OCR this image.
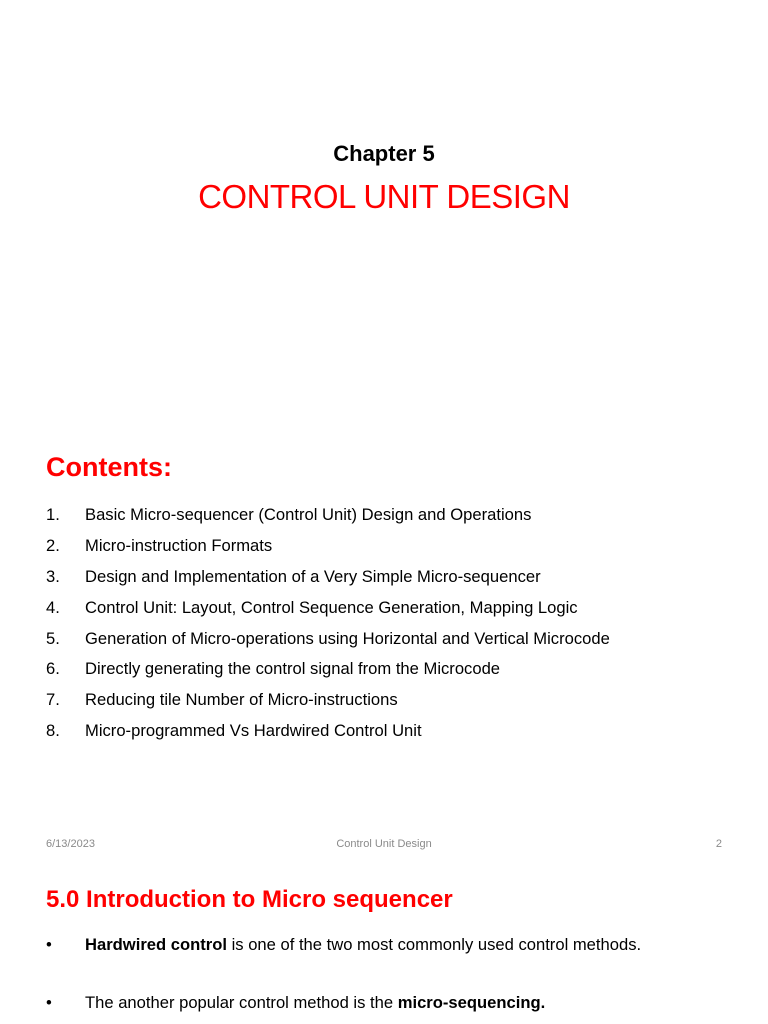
Chapter 5
CONTROL UNIT DESIGN
Contents:
1.	Basic Micro-sequencer (Control Unit) Design and Operations
2.	Micro-instruction Formats
3.	Design and Implementation of a Very Simple Micro-sequencer
4.	Control Unit: Layout, Control Sequence Generation, Mapping Logic
5.	Generation of Micro-operations using Horizontal and Vertical Microcode
6.	Directly generating the control signal from the Microcode
7.	Reducing tile Number of Micro-instructions
8.	Micro-programmed Vs Hardwired Control Unit
6/13/2023	Control Unit Design	2
5.0 Introduction to Micro sequencer
•	Hardwired control is one of the two most commonly used control methods.
•	The another popular control method is the micro-sequencing.
